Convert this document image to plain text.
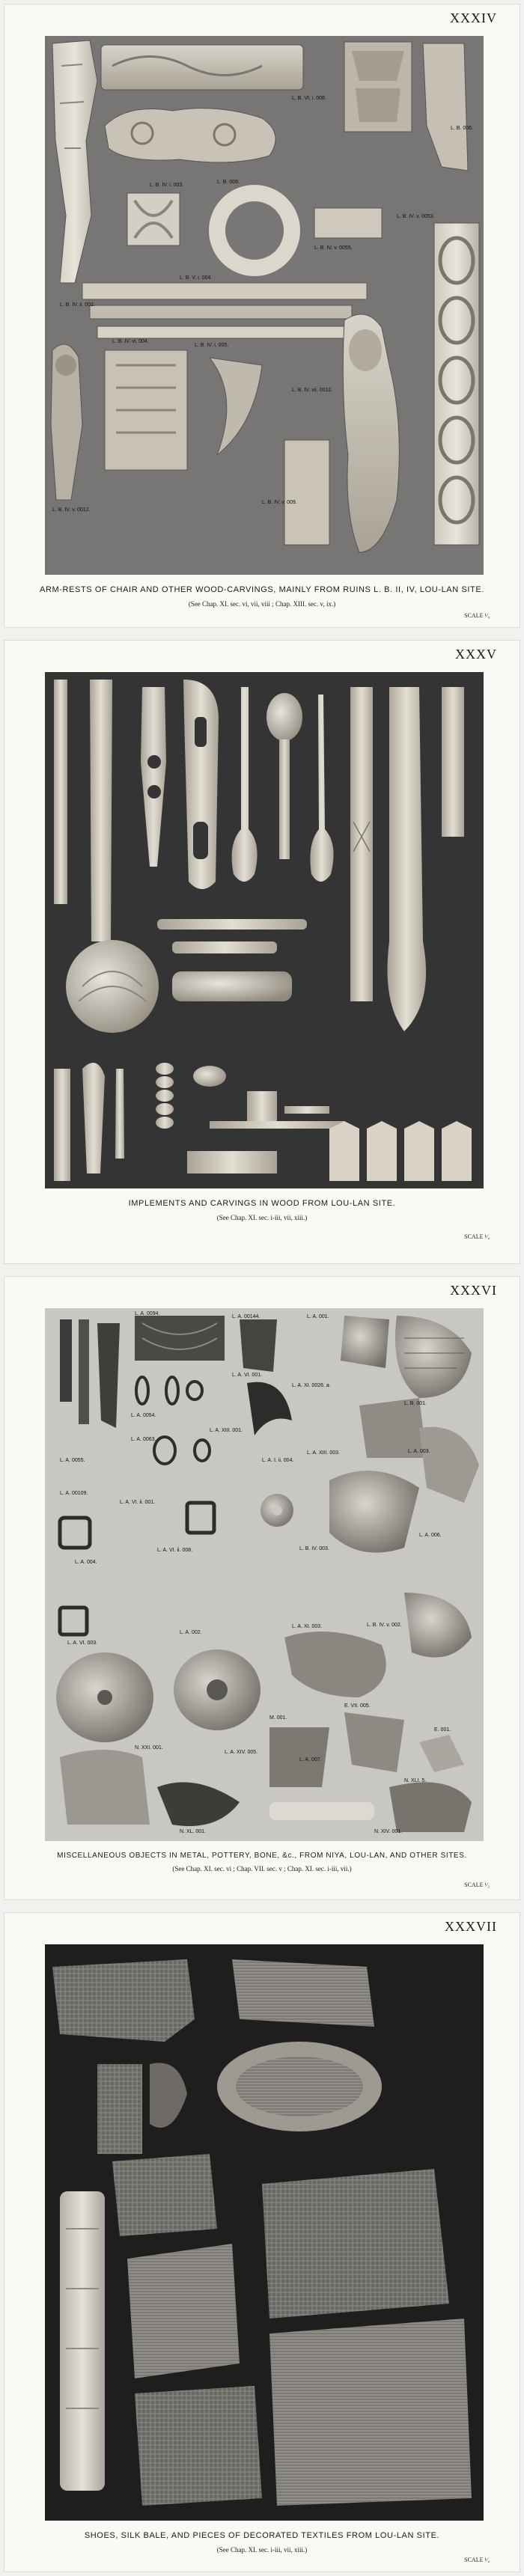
XXXIV
L. B. VI. i. 008.
L. B. 006.
L. B. 008.
L. B. IV. i. 003.
L. B. IV. v. 0053.
L. B. IV. v. 0055.
L. B. V. i. 004.
L. B. IV. ii. 002.
L. B. IV. i. 005.
L. B. IV. vi. 004.
L. B. IV. vii. 0010.
L. B. IV. v. 009.
L. B. IV. v. 0012.
ARM-RESTS OF CHAIR AND OTHER WOOD-CARVINGS, MAINLY FROM RUINS L. B. II, IV, LOU-LAN SITE.
(See Chap. XI. sec. vi, vii, viii ; Chap. XIII. sec. v, ix.)
SCALE ¹⁄₄
XXXV
IMPLEMENTS AND CARVINGS IN WOOD FROM LOU-LAN SITE.
(See Chap. XI. sec. i-iii, vii, xiii.)
SCALE ¹⁄₄
XXXVI
L. A. 00144.
L. A. 0094.
L. A. 001.
L. B. 001.
L. A. VI. 001.
L. A. XI. 0026. a.
L. A. 0054.
L. A. 0063.
L. A. XIII. 001.
L. A. 0055.	L. A. I. ii. 004.
L. A. XIII. 003.
L. A. 00109.
L. A. 004.
L. A. VI. ii. 001.
L. A. 003.
L. B. IV. 003.
L. A. VI. ii. 008.
L. A. 006.
L. B. IV. v. 002.
L. A. 002.
L. A. VI. 003.
L. A. XI. 003.
M. 001.
E. VII. 005.
N. XXI. 001.
L. A. XIV. 005.
L. A. 007.
E. 001.
N. XL. 001.
N. XLI. 5.
N. XIV. 001.
MISCELLANEOUS OBJECTS IN METAL, POTTERY, BONE, &c., FROM NIYA, LOU-LAN, AND OTHER SITES.
(See Chap. XI. sec. vi ; Chap. VII. sec. v ; Chap. XI. sec. i-iii, vii.)
SCALE ¹⁄₂
XXXVII
SHOES, SILK BALE, AND PIECES OF DECORATED TEXTILES FROM LOU-LAN SITE.
(See Chap. XI. sec. i-iii, vii, xiii.)
SCALE ¹⁄₄
